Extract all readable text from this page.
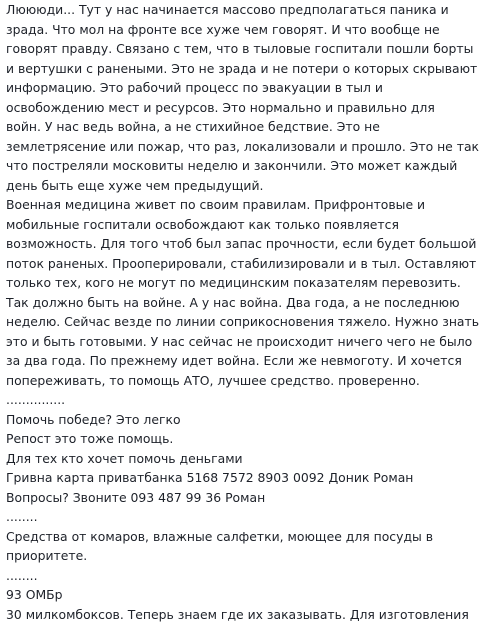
Люююди... Тут у нас начинается массово предполагаться паника и
зрада. Что мол на фронте все хуже чем говорят. И что вообще не
говорят правду. Связано с тем, что в тыловые госпитали пошли борты
и вертушки с ранеными. Это не зрада и не потери о которых скрывают
информацию. Это рабочий процесс по эвакуации в тыл и
освобождению мест и ресурсов. Это нормально и правильно для
войн. У нас ведь война, а не стихийное бедствие. Это не
землетрясение или пожар, что раз, локализовали и прошло. Это не так
что постреляли московиты неделю и закончили. Это может каждый
день быть еще хуже чем предыдущий.
Военная медицина живет по своим правилам. Прифронтовые и
мобильные госпитали освобождают как только появляется
возможность. Для того чтоб был запас прочности, если будет большой
поток раненых. Прооперировали, стабилизировали и в тыл. Оставляют
только тех, кого не могут по медицинским показателям перевозить.
Так должно быть на войне. А у нас война. Два года, а не последнюю
неделю. Сейчас везде по линии соприкосновения тяжело. Нужно знать
это и быть готовыми. У нас сейчас не происходит ничего чего не было
за два года. По прежнему идет война. Если же невмоготу. И хочется
попереживать, то помощь АТО, лучшее средство. проверенно.
...............
Помочь победе? Это легко
Репост это тоже помощь.
Для тех кто хочет помочь деньгами
Гривна карта приватбанка 5168 7572 8903 0092 Доник Роман
Вопросы? Звоните 093 487 99 36 Роман
........
Средства от комаров, влажные салфетки, моющее для посуды в
приоритете.
........
93 ОМБр
30 милкомбоксов. Теперь знаем где их заказывать. Для изготовления
